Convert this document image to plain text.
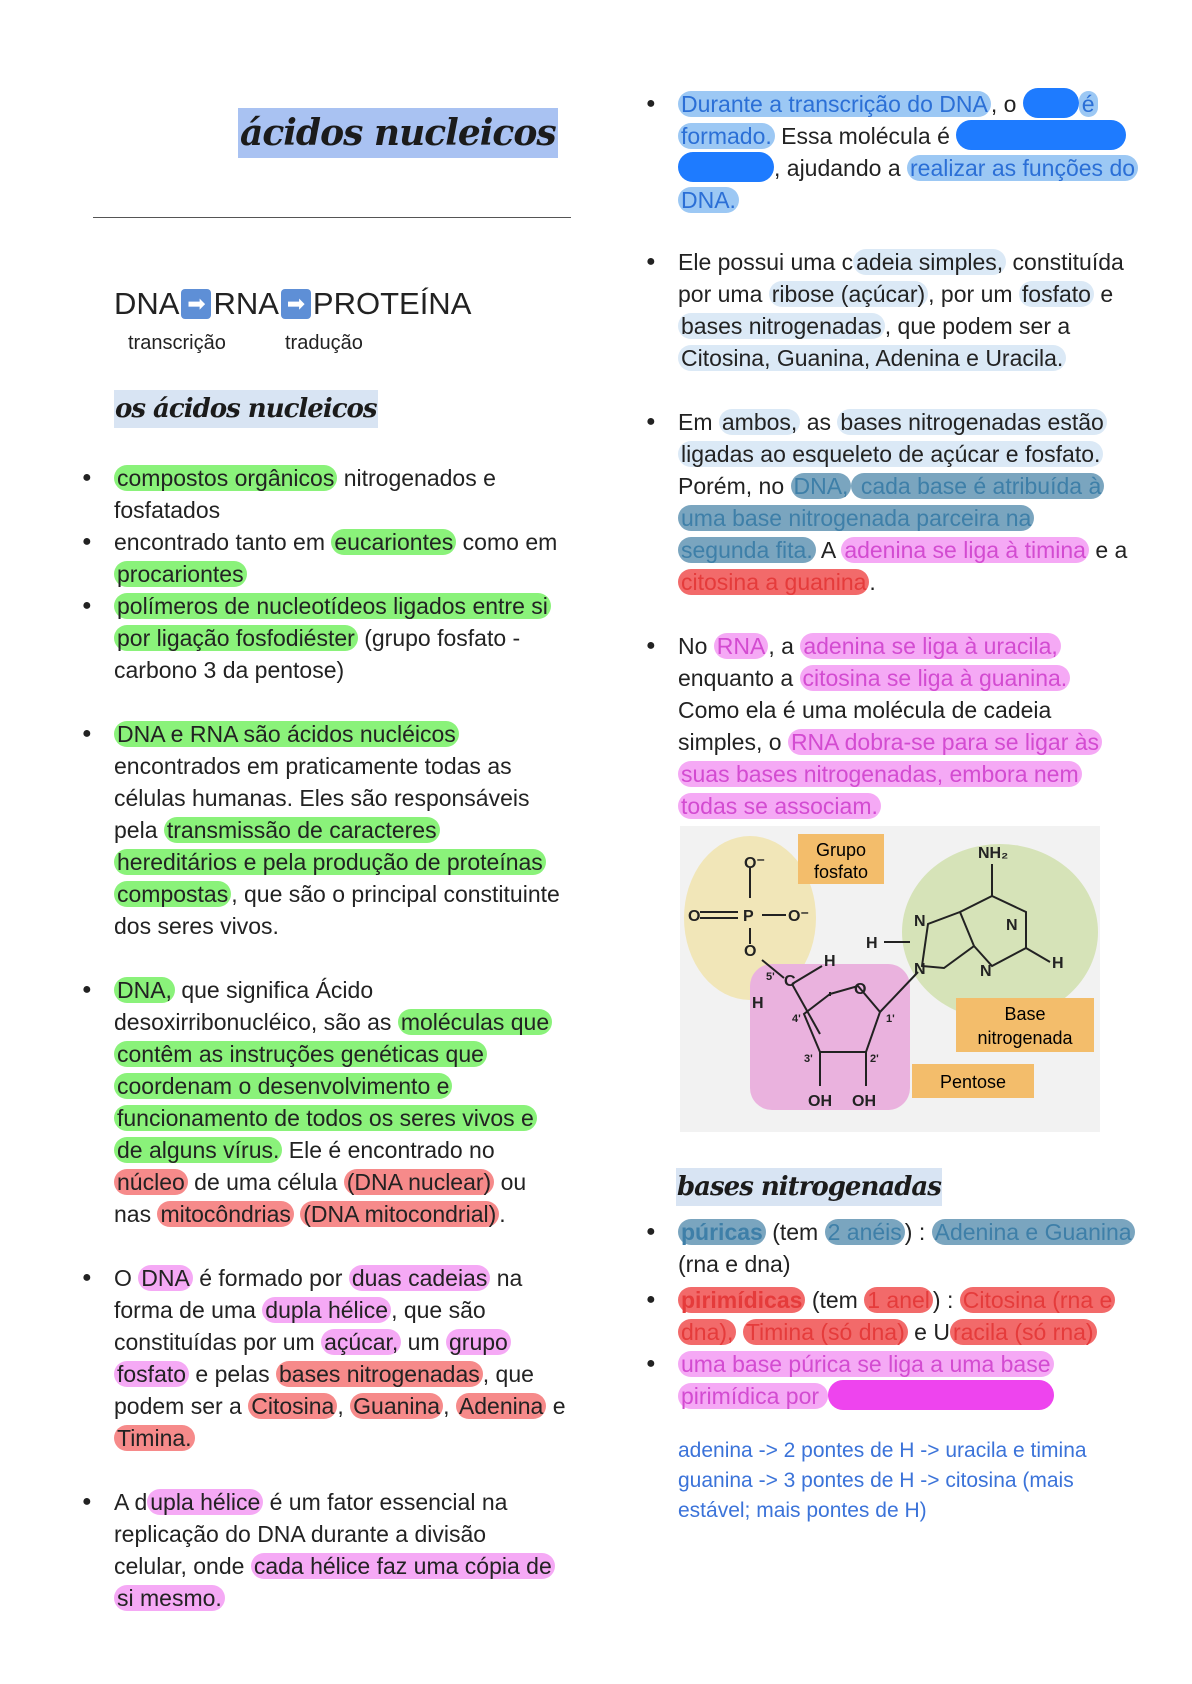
ácidos nucleicos
DNA ➡ RNA ➡ PROTEÍNA
transcrição	tradução
os ácidos nucleicos
● compostos orgânicos nitrogenados e
fosfatados
● encontrado tanto em eucariontes como em
procariontes
● polímeros de nucleotídeos ligados entre si
por ligação fosfodiéster (grupo fosfato -
carbono 3 da pentose)
● DNA e RNA são ácidos nucléicos
encontrados em praticamente todas as
células humanas. Eles são responsáveis
pela transmissão de caracteres
hereditários e pela produção de proteínas
compostas , que são o principal constituinte
dos seres vivos.
● DNA, que significa Ácido
desoxirribonucléico, são as moléculas que
contêm as instruções genéticas que
coordenam o desenvolvimento e
funcionamento de todos os seres vivos e
de alguns vírus. Ele é encontrado no
núcleo de uma célula (DNA nuclear) ou
nas mitocôndrias (DNA mitocondrial) .
● O DNA é formado por duas cadeias na
forma de uma dupla hélice , que são
constituídas por um açúcar, um grupo
fosfato e pelas bases nitrogenadas , que
podem ser a Citosina , Guanina , Adenina e
Timina.
● A d upla hélice é um fator essencial na
replicação do DNA durante a divisão
celular, onde cada hélice faz uma cópia de
si mesmo.
● Durante a transcrição do DNA , o	é
formado. Essa molécula é
, ajudando a realizar as funções do
DNA.
● Ele possui uma c adeia simples, constituída
por uma ribose (açúcar) , por um fosfato e
bases nitrogenadas , que podem ser a
Citosina, Guanina, Adenina e Uracila.
● Em ambos, as bases nitrogenadas estão
ligadas ao esqueleto de açúcar e fosfato.
Porém, no DNA, cada base é atribuída à
uma base nitrogenada parceira na
segunda fita. A adenina se liga à timina e a
citosina a guanina .
● No RNA , a adenina se liga à uracila,
enquanto a citosina se liga à guanina.
Como ela é uma molécula de cadeia
simples, o RNA dobra-se para se ligar às
suas bases nitrogenadas, embora nem
todas se associam.
Grupo
fosfato
Base
nitrogenada
Pentose
O⁻
O	P O⁻
O
C
H
H
O
OH OH
N
N	N
N
NH₂
H
H
5'
4'
3'	2'
1'
bases nitrogenadas
● púricas (tem 2 anéis ) : Adenina e Guanina
(rna e dna)
● pirimídicas (tem 1 anel ) : Citosina (rna e
dna), Timina (só dna) e U racila (só rna)
● uma base púrica se liga a uma base
pirimídica por
adenina -> 2 pontes de H -> uracila e timina
guanina -> 3 pontes de H -> citosina (mais
estável; mais pontes de H)
